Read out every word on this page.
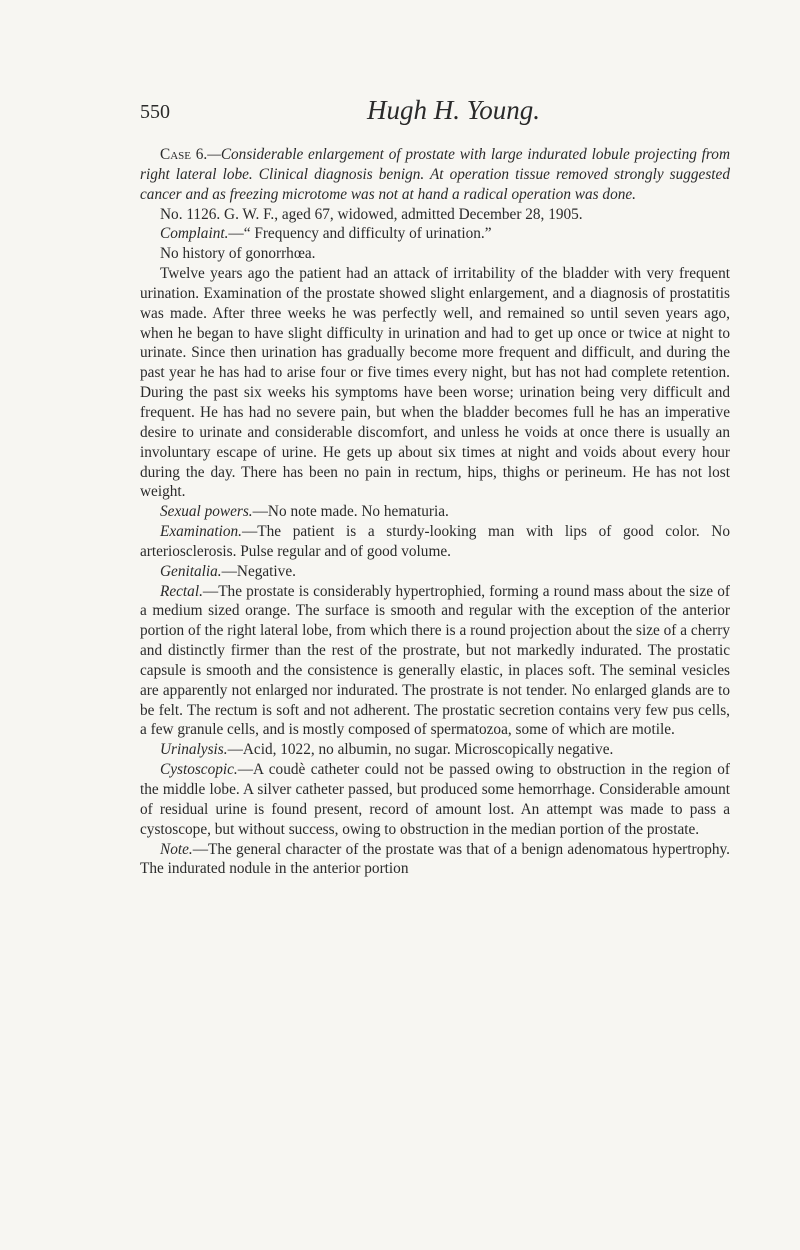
550	Hugh H. Young.

Case 6.—Considerable enlargement of prostate with large indurated lobule projecting from right lateral lobe. Clinical diagnosis benign. At operation tissue removed strongly suggested cancer and as freezing microtome was not at hand a radical operation was done.

No. 1126. G. W. F., aged 67, widowed, admitted December 28, 1905.

Complaint.—“ Frequency and difficulty of urination.”

No history of gonorrhœa.

Twelve years ago the patient had an attack of irritability of the bladder with very frequent urination. Examination of the prostate showed slight enlargement, and a diagnosis of prostatitis was made. After three weeks he was perfectly well, and remained so until seven years ago, when he began to have slight difficulty in urination and had to get up once or twice at night to urinate. Since then urination has gradually become more frequent and difficult, and during the past year he has had to arise four or five times every night, but has not had complete retention. During the past six weeks his symptoms have been worse; urination being very difficult and frequent. He has had no severe pain, but when the bladder becomes full he has an imperative desire to urinate and considerable discomfort, and unless he voids at once there is usually an involuntary escape of urine. He gets up about six times at night and voids about every hour during the day. There has been no pain in rectum, hips, thighs or perineum. He has not lost weight.

Sexual powers.—No note made. No hematuria.

Examination.—The patient is a sturdy-looking man with lips of good color. No arteriosclerosis. Pulse regular and of good volume.

Genitalia.—Negative.

Rectal.—The prostate is considerably hypertrophied, forming a round mass about the size of a medium sized orange. The surface is smooth and regular with the exception of the anterior portion of the right lateral lobe, from which there is a round projection about the size of a cherry and distinctly firmer than the rest of the prostrate, but not markedly indurated. The prostatic capsule is smooth and the consistence is generally elastic, in places soft. The seminal vesicles are apparently not enlarged nor indurated. The prostrate is not tender. No enlarged glands are to be felt. The rectum is soft and not adherent. The prostatic secretion contains very few pus cells, a few granule cells, and is mostly composed of spermatozoa, some of which are motile.

Urinalysis.—Acid, 1022, no albumin, no sugar. Microscopically negative.

Cystoscopic.—A coudè catheter could not be passed owing to obstruction in the region of the middle lobe. A silver catheter passed, but produced some hemorrhage. Considerable amount of residual urine is found present, record of amount lost. An attempt was made to pass a cystoscope, but without success, owing to obstruction in the median portion of the prostate.

Note.—The general character of the prostate was that of a benign adenomatous hypertrophy. The indurated nodule in the anterior portion
